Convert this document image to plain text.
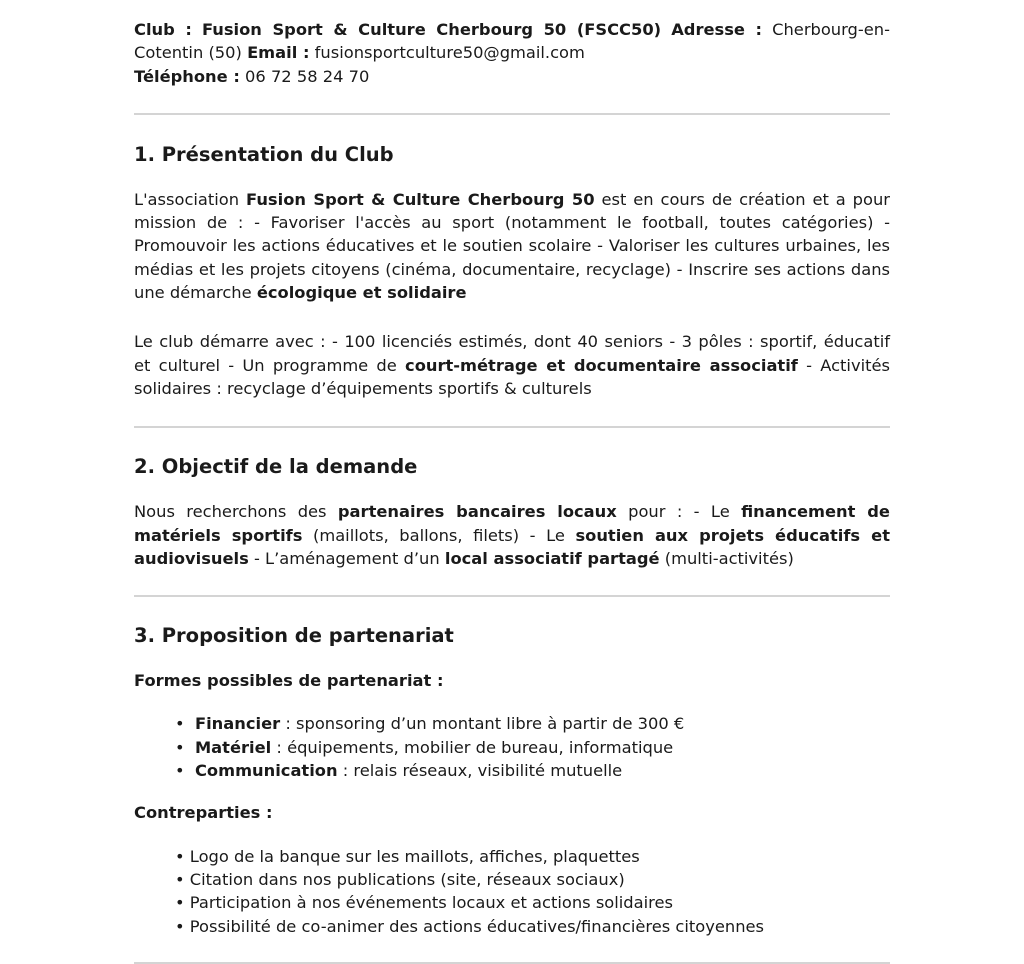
Club : Fusion Sport & Culture Cherbourg 50 (FSCC50) Adresse : Cherbourg-en-Cotentin (50) Email : fusionsportculture50@gmail.com

Téléphone : 06 72 58 24 70

1. Présentation du Club

L'association Fusion Sport & Culture Cherbourg 50 est en cours de création et a pour mission de : - Favoriser l'accès au sport (notamment le football, toutes catégories) - Promouvoir les actions éducatives et le soutien scolaire - Valoriser les cultures urbaines, les médias et les projets citoyens (cinéma, documentaire, recyclage) - Inscrire ses actions dans une démarche écologique et solidaire

Le club démarre avec : - 100 licenciés estimés, dont 40 seniors - 3 pôles : sportif, éducatif et culturel - Un programme de court-métrage et documentaire associatif - Activités solidaires : recyclage d’équipements sportifs & culturels

2. Objectif de la demande

Nous recherchons des partenaires bancaires locaux pour : - Le financement de matériels sportifs (maillots, ballons, filets) - Le soutien aux projets éducatifs et audiovisuels - L’aménagement d’un local associatif partagé (multi-activités)

3. Proposition de partenariat

Formes possibles de partenariat :

• Financier : sponsoring d’un montant libre à partir de 300 €
• Matériel : équipements, mobilier de bureau, informatique
• Communication : relais réseaux, visibilité mutuelle

Contreparties :

• Logo de la banque sur les maillots, affiches, plaquettes
• Citation dans nos publications (site, réseaux sociaux)
• Participation à nos événements locaux et actions solidaires
• Possibilité de co-animer des actions éducatives/financières citoyennes
